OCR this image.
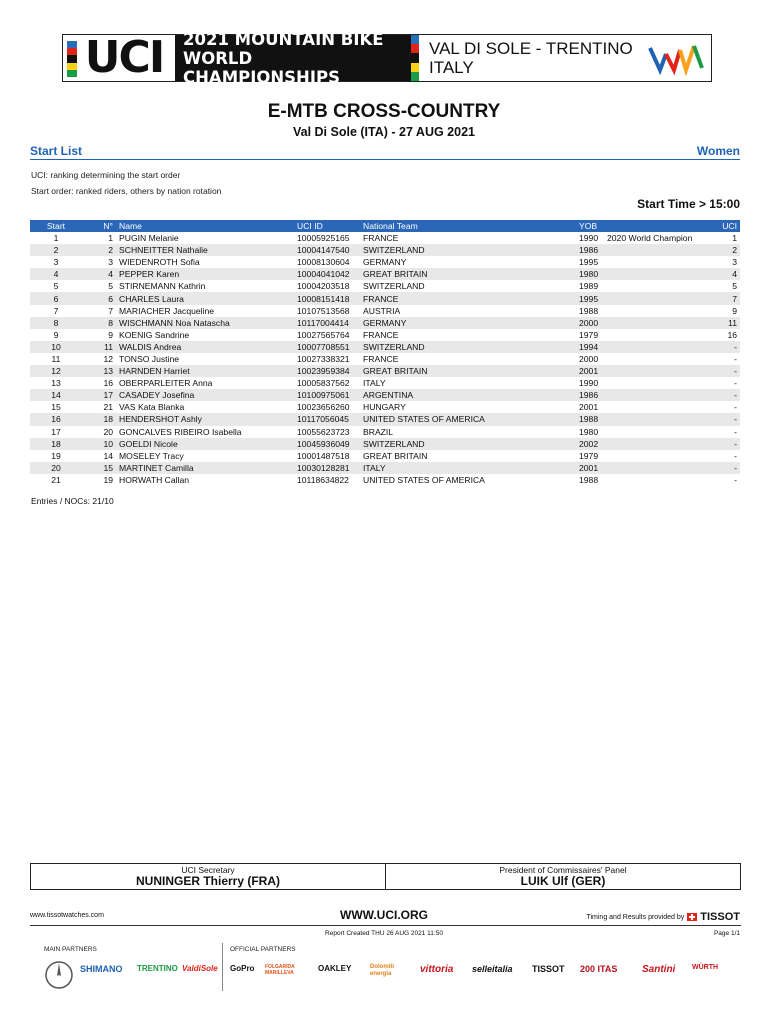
UCI 2021 MOUNTAIN BIKE
WORLD CHAMPIONSHIPS
VAL DI SOLE - TRENTINO
ITALY
E-MTB CROSS-COUNTRY
Val Di Sole (ITA) - 27 AUG 2021
Start List	Women
UCI: ranking determining the start order
Start order: ranked riders, others by nation rotation
Start Time > 15:00
Start	N°	Name	UCI ID	National Team	YOB		UCI
1	1	PUGIN Melanie	10005925165	FRANCE	1990	2020 World Champion	1
2	2	SCHNEITTER Nathalie	10004147540	SWITZERLAND	1986		2
3	3	WIEDENROTH Sofia	10008130604	GERMANY	1995		3
4	4	PEPPER Karen	10004041042	GREAT BRITAIN	1980		4
5	5	STIRNEMANN Kathrin	10004203518	SWITZERLAND	1989		5
6	6	CHARLES Laura	10008151418	FRANCE	1995		7
7	7	MARIACHER Jacqueline	10107513568	AUSTRIA	1988		9
8	8	WISCHMANN Noa Natascha	10117004414	GERMANY	2000		11
9	9	KOENIG Sandrine	10027565764	FRANCE	1979		16
10	11	WALDIS Andrea	10007708551	SWITZERLAND	1994		-
11	12	TONSO Justine	10027338321	FRANCE	2000		-
12	13	HARNDEN Harriet	10023959384	GREAT BRITAIN	2001		-
13	16	OBERPARLEITER Anna	10005837562	ITALY	1990		-
14	17	CASADEY Josefina	10100975061	ARGENTINA	1986		-
15	21	VAS Kata Blanka	10023656260	HUNGARY	2001		-
16	18	HENDERSHOT Ashly	10117056045	UNITED STATES OF AMERICA	1988		-
17	20	GONCALVES RIBEIRO Isabella	10055623723	BRAZIL	1980		-
18	10	GOELDI Nicole	10045936049	SWITZERLAND	2002		-
19	14	MOSELEY Tracy	10001487518	GREAT BRITAIN	1979		-
20	15	MARTINET Camilla	10030128281	ITALY	2001		-
21	19	HORWATH Callan	10118634822	UNITED STATES OF AMERICA	1988		-
Entries / NOCs: 21/10
UCI Secretary
NUNINGER Thierry (FRA)
President of Commissaires' Panel
LUIK Ulf (GER)
www.tissotwatches.com	WWW.UCI.ORG	Timing and Results provided by TISSOT
Report Created THU 26 AUG 2021 11:50	Page 1/1
MAIN PARTNERS	OFFICIAL PARTNERS
SHIMANO TRENTINO ValdiSole GoPro FOLGARIDA MARILLEVA	OAKLEY	Dolomiti energia	vittoria selleitalia TISSOT 200 ITAS Santini WÜRTH
